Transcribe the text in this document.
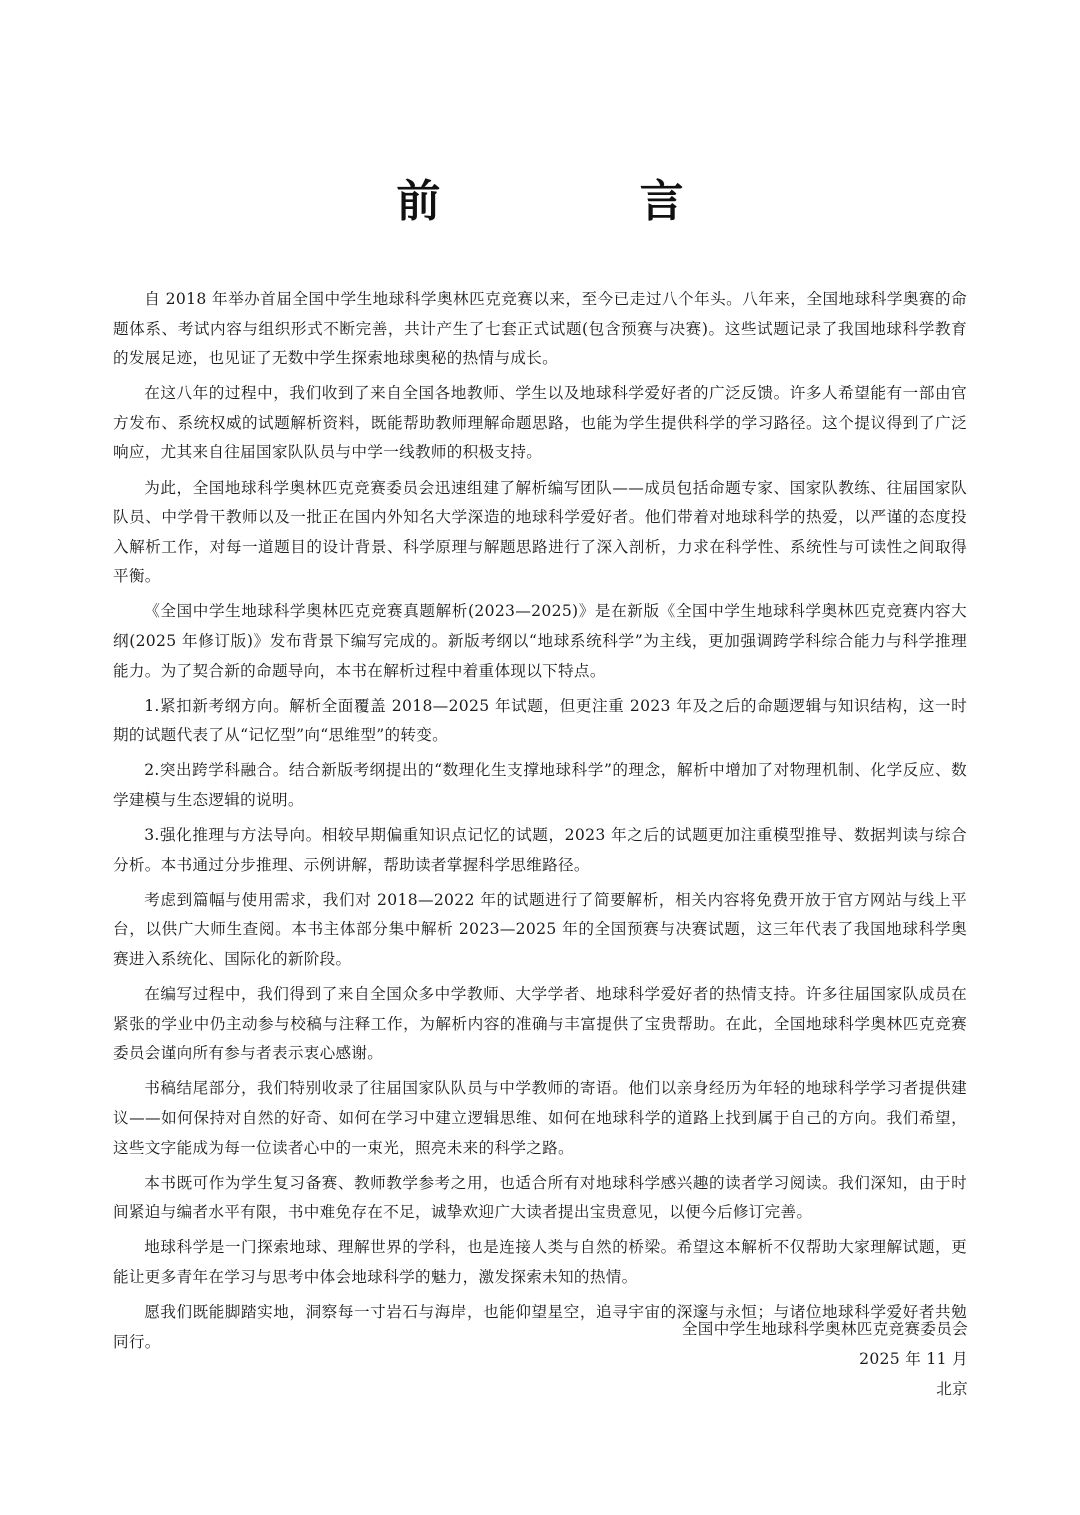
前 言

自 2018 年举办首届全国中学生地球科学奥林匹克竞赛以来，至今已走过八个年头。八年来，全国地球科学奥赛的命题体系、考试内容与组织形式不断完善，共计产生了七套正式试题(包含预赛与决赛)。这些试题记录了我国地球科学教育的发展足迹，也见证了无数中学生探索地球奥秘的热情与成长。

在这八年的过程中，我们收到了来自全国各地教师、学生以及地球科学爱好者的广泛反馈。许多人希望能有一部由官方发布、系统权威的试题解析资料，既能帮助教师理解命题思路，也能为学生提供科学的学习路径。这个提议得到了广泛响应，尤其来自往届国家队队员与中学一线教师的积极支持。

为此，全国地球科学奥林匹克竞赛委员会迅速组建了解析编写团队——成员包括命题专家、国家队教练、往届国家队队员、中学骨干教师以及一批正在国内外知名大学深造的地球科学爱好者。他们带着对地球科学的热爱，以严谨的态度投入解析工作，对每一道题目的设计背景、科学原理与解题思路进行了深入剖析，力求在科学性、系统性与可读性之间取得平衡。

《全国中学生地球科学奥林匹克竞赛真题解析(2023—2025)》是在新版《全国中学生地球科学奥林匹克竞赛内容大纲(2025 年修订版)》发布背景下编写完成的。新版考纲以“地球系统科学”为主线，更加强调跨学科综合能力与科学推理能力。为了契合新的命题导向，本书在解析过程中着重体现以下特点。

1.紧扣新考纲方向。解析全面覆盖 2018—2025 年试题，但更注重 2023 年及之后的命题逻辑与知识结构，这一时期的试题代表了从“记忆型”向“思维型”的转变。

2.突出跨学科融合。结合新版考纲提出的“数理化生支撑地球科学”的理念，解析中增加了对物理机制、化学反应、数学建模与生态逻辑的说明。

3.强化推理与方法导向。相较早期偏重知识点记忆的试题，2023 年之后的试题更加注重模型推导、数据判读与综合分析。本书通过分步推理、示例讲解，帮助读者掌握科学思维路径。

考虑到篇幅与使用需求，我们对 2018—2022 年的试题进行了简要解析，相关内容将免费开放于官方网站与线上平台，以供广大师生查阅。本书主体部分集中解析 2023—2025 年的全国预赛与决赛试题，这三年代表了我国地球科学奥赛进入系统化、国际化的新阶段。

在编写过程中，我们得到了来自全国众多中学教师、大学学者、地球科学爱好者的热情支持。许多往届国家队成员在紧张的学业中仍主动参与校稿与注释工作，为解析内容的准确与丰富提供了宝贵帮助。在此，全国地球科学奥林匹克竞赛委员会谨向所有参与者表示衷心感谢。

书稿结尾部分，我们特别收录了往届国家队队员与中学教师的寄语。他们以亲身经历为年轻的地球科学学习者提供建议——如何保持对自然的好奇、如何在学习中建立逻辑思维、如何在地球科学的道路上找到属于自己的方向。我们希望，这些文字能成为每一位读者心中的一束光，照亮未来的科学之路。

本书既可作为学生复习备赛、教师教学参考之用，也适合所有对地球科学感兴趣的读者学习阅读。我们深知，由于时间紧迫与编者水平有限，书中难免存在不足，诚挚欢迎广大读者提出宝贵意见，以便今后修订完善。

地球科学是一门探索地球、理解世界的学科，也是连接人类与自然的桥梁。希望这本解析不仅帮助大家理解试题，更能让更多青年在学习与思考中体会地球科学的魅力，激发探索未知的热情。

愿我们既能脚踏实地，洞察每一寸岩石与海岸，也能仰望星空，追寻宇宙的深邃与永恒；与诸位地球科学爱好者共勉同行。

全国中学生地球科学奥林匹克竞赛委员会
2025 年 11 月
北京
